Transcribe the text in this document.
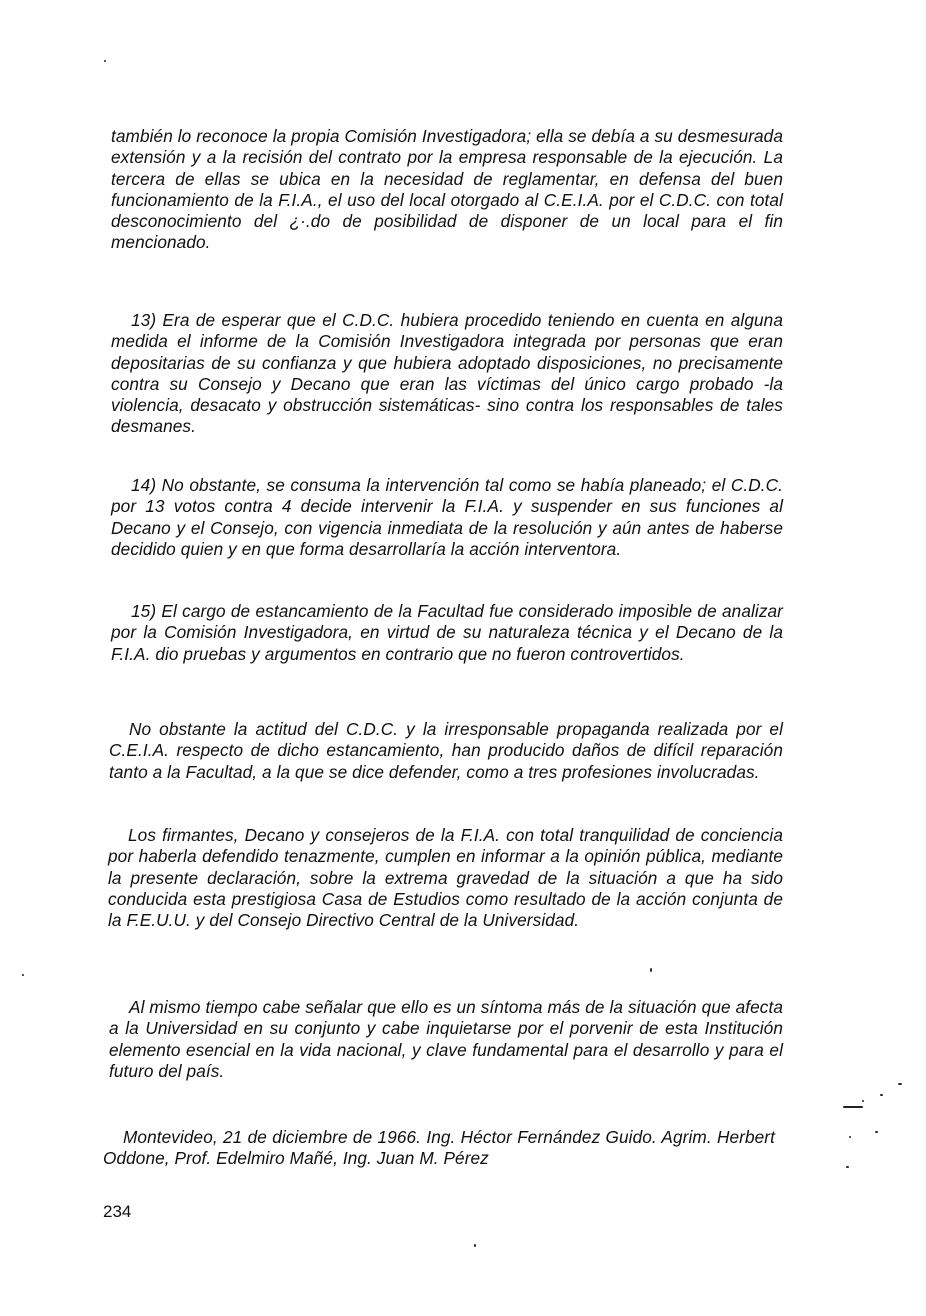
también lo reconoce la propia Comisión Investigadora; ella se debía a su desmesurada extensión y a la recisión del contrato por la empresa responsable de la ejecución. La tercera de ellas se ubica en la necesidad de reglamentar, en defensa del buen funcionamiento de la F.I.A., el uso del local otorgado al C.E.I.A. por el C.D.C. con total desconocimiento del ¿·.do de posibilidad de disponer de un local para el fin mencionado.

13) Era de esperar que el C.D.C. hubiera procedido teniendo en cuenta en alguna medida el informe de la Comisión Investigadora integrada por personas que eran depositarias de su confianza y que hubiera adoptado disposiciones, no precisamente contra su Consejo y Decano que eran las víctimas del único cargo probado -la violencia, desacato y obstrucción sistemáticas- sino contra los responsables de tales desmanes.

14) No obstante, se consuma la intervención tal como se había planeado; el C.D.C. por 13 votos contra 4 decide intervenir la F.I.A. y suspender en sus funciones al Decano y el Consejo, con vigencia inmediata de la resolución y aún antes de haberse decidido quien y en que forma desarrollaría la acción interventora.

15) El cargo de estancamiento de la Facultad fue considerado imposible de analizar por la Comisión Investigadora, en virtud de su naturaleza técnica y el Decano de la F.I.A. dio pruebas y argumentos en contrario que no fueron controvertidos.

No obstante la actitud del C.D.C. y la irresponsable propaganda realizada por el C.E.I.A. respecto de dicho estancamiento, han producido daños de difícil reparación tanto a la Facultad, a la que se dice defender, como a tres profesiones involucradas.

Los firmantes, Decano y consejeros de la F.I.A. con total tranquilidad de conciencia por haberla defendido tenazmente, cumplen en informar a la opinión pública, mediante la presente declaración, sobre la extrema gravedad de la situación a que ha sido conducida esta prestigiosa Casa de Estudios como resultado de la acción conjunta de la F.E.U.U. y del Consejo Directivo Central de la Universidad.

Al mismo tiempo cabe señalar que ello es un síntoma más de la situación que afecta a la Universidad en su conjunto y cabe inquietarse por el porvenir de esta Institución elemento esencial en la vida nacional, y clave fundamental para el desarrollo y para el futuro del país.

Montevideo, 21 de diciembre de 1966. Ing. Héctor Fernández Guido. Agrim. Herbert Oddone, Prof. Edelmiro Mañé, Ing. Juan M. Pérez

234
